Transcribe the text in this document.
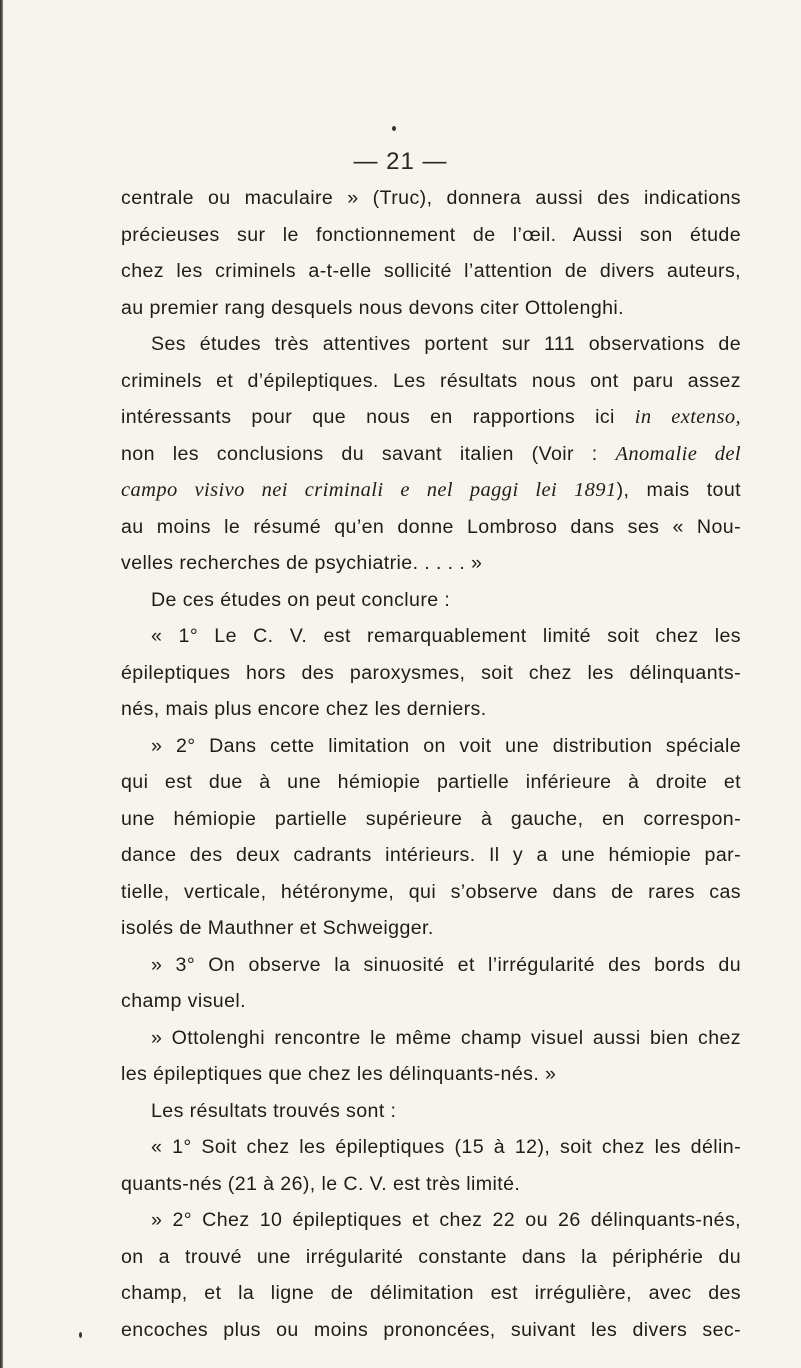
— 21 —
centrale ou maculaire » (Truc), donnera aussi des indications
précieuses sur le fonctionnement de l’œil. Aussi son étude
chez les criminels a-t-elle sollicité l’attention de divers auteurs,
au premier rang desquels nous devons citer Ottolenghi.
Ses études très attentives portent sur 111 observations de
criminels et d’épileptiques. Les résultats nous ont paru assez
intéressants pour que nous en rapportions ici in extenso,
non les conclusions du savant italien (Voir : Anomalie del
campo visivo nei criminali e nel paggi lei 1891), mais tout
au moins le résumé qu’en donne Lombroso dans ses « Nou-
velles recherches de psychiatrie. . . . . »
De ces études on peut conclure :
« 1° Le C. V. est remarquablement limité soit chez les
épileptiques hors des paroxysmes, soit chez les délinquants-
nés, mais plus encore chez les derniers.
» 2° Dans cette limitation on voit une distribution spéciale
qui est due à une hémiopie partielle inférieure à droite et
une hémiopie partielle supérieure à gauche, en correspon-
dance des deux cadrants intérieurs. Il y a une hémiopie par-
tielle, verticale, hétéronyme, qui s’observe dans de rares cas
isolés de Mauthner et Schweigger.
» 3° On observe la sinuosité et l’irrégularité des bords du
champ visuel.
» Ottolenghi rencontre le même champ visuel aussi bien chez
les épileptiques que chez les délinquants-nés. »
Les résultats trouvés sont :
« 1° Soit chez les épileptiques (15 à 12), soit chez les délin-
quants-nés (21 à 26), le C. V. est très limité.
» 2° Chez 10 épileptiques et chez 22 ou 26 délinquants-nés,
on a trouvé une irrégularité constante dans la périphérie du
champ, et la ligne de délimitation est irrégulière, avec des
encoches plus ou moins prononcées, suivant les divers sec-
